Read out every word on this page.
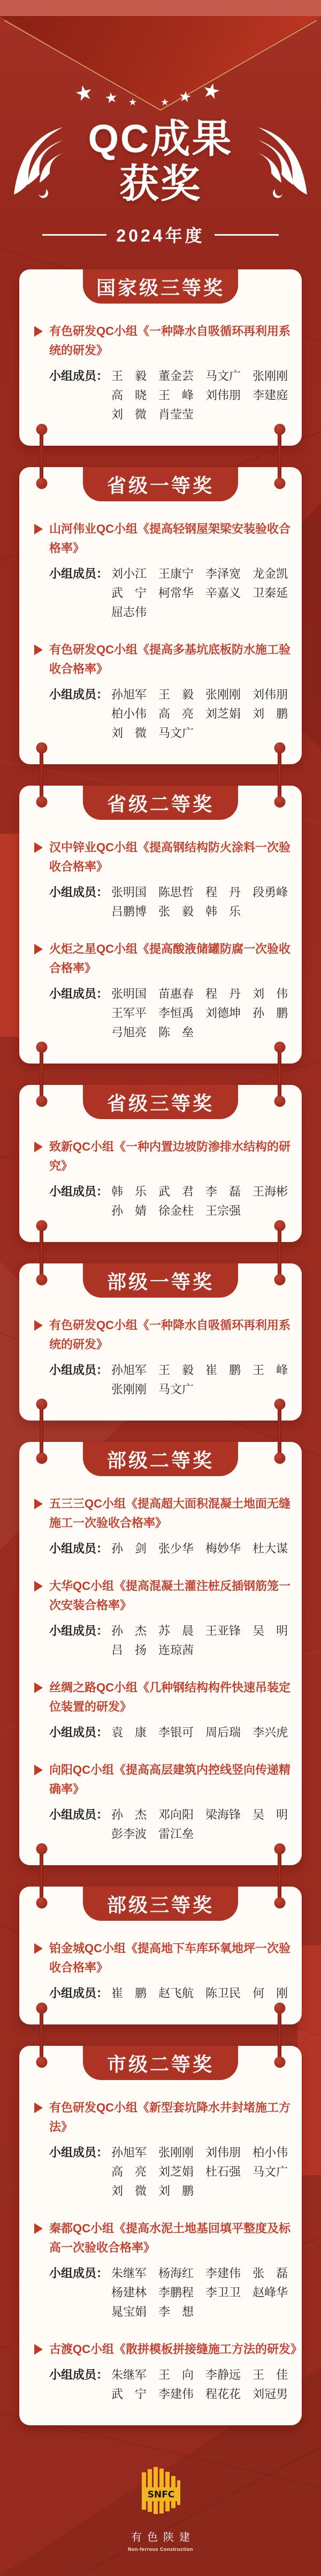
★
★
★
★
★
★
QC成果
获奖
2024年度
国家级三等奖
有色研发QC小组《一种降水自吸循环再利用系统的研发》
小组成员： 王　毅 董金芸 马文广 张刚刚
高　晓 王　峰 刘伟朋 李建庭
刘　微 肖莹莹
省级一等奖
山河伟业QC小组《提高轻钢屋架梁安装验收合格率》
小组成员： 刘小江 王康宁 李泽宽 龙金凯
武　宁 柯常华 辛嘉义 卫秦延
屈志伟
有色研发QC小组《提高多基坑底板防水施工验收合格率》
小组成员： 孙旭军 王　毅 张刚刚 刘伟朋
柏小伟 高　亮 刘芝娟 刘　鹏
刘　微 马文广
省级二等奖
汉中锌业QC小组《提高钢结构防火涂料一次验收合格率》
小组成员： 张明国 陈思哲 程　丹 段勇峰
吕鹏博 张　毅 韩　乐
火炬之星QC小组《提高酸液储罐防腐一次验收合格率》
小组成员： 张明国 苗惠春 程　丹 刘　伟
王军平 李恒禹 刘德坤 孙　鹏
弓旭亮 陈　垒
省级三等奖
致新QC小组《一种内置边坡防渗排水结构的研究》
小组成员： 韩　乐 武　君 李　磊 王海彬
孙　婧 徐金柱 王宗强
部级一等奖
有色研发QC小组《一种降水自吸循环再利用系统的研发》
小组成员： 孙旭军 王　毅 崔　鹏 王　峰
张刚刚 马文广
部级二等奖
五三三QC小组《提高超大面积混凝土地面无缝施工一次验收合格率》
小组成员： 孙　剑 张少华 梅妙华 杜大谋
大华QC小组《提高混凝土灌注桩反插钢筋笼一次安装合格率》
小组成员： 孙　杰 苏　晨 王亚锋 吴　明
吕　扬 连琼茜
丝绸之路QC小组《几种钢结构构件快速吊装定位装置的研发》
小组成员： 袁　康 李银可 周后瑞 李兴虎
向阳QC小组《提高高层建筑内控线竖向传递精确率》
小组成员： 孙　杰 邓向阳 梁海锋 吴　明
彭李波 雷江垒
部级三等奖
铂金城QC小组《提高地下车库环氧地坪一次验收合格率》
小组成员： 崔　鹏 赵飞航 陈卫民 何　刚
市级二等奖
有色研发QC小组《新型套坑降水井封堵施工方法》
小组成员： 孙旭军 张刚刚 刘伟朋 柏小伟
高　亮 刘芝娟 杜石强 马文广
刘　微 刘　鹏
秦都QC小组《提高水泥土地基回填平整度及标高一次验收合格率》
小组成员： 朱继军 杨海红 李建伟 张　磊
杨建林 李鹏程 李卫卫 赵峰华
晁宝娟 李　想
古渡QC小组《散拼模板拼接缝施工方法的研发》
小组成员： 朱继军 王　向 李静远 王　佳
武　宁 李建伟 程花花 刘冠男
SNFC
有色陕建
Non-ferrous Construction
